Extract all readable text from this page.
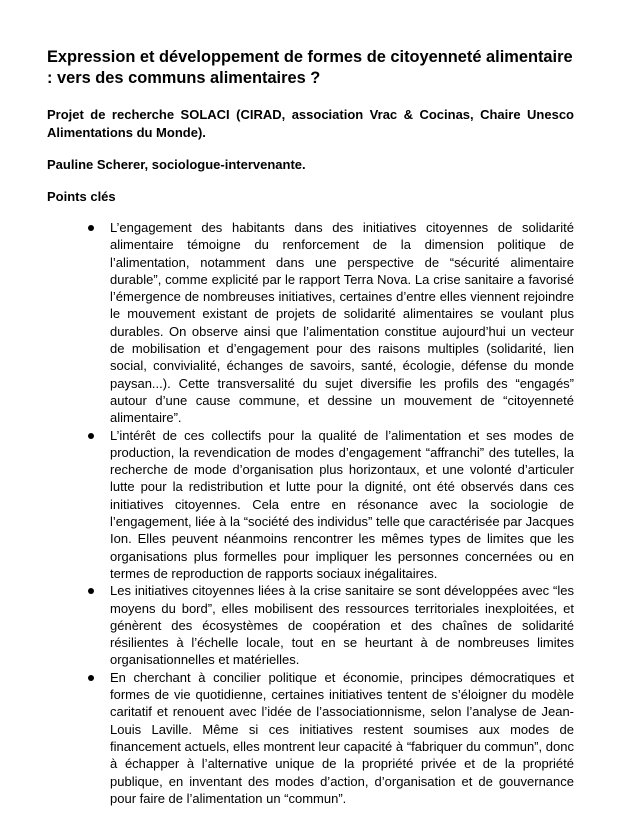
Expression et développement de formes de citoyenneté alimentaire : vers des communs alimentaires ?

Projet de recherche SOLACI (CIRAD, association Vrac & Cocinas, Chaire Unesco Alimentations du Monde).

Pauline Scherer, sociologue-intervenante.

Points clés

L’engagement des habitants dans des initiatives citoyennes de solidarité alimentaire témoigne du renforcement de la dimension politique de l’alimentation, notamment dans une perspective de “sécurité alimentaire durable”, comme explicité par le rapport Terra Nova. La crise sanitaire a favorisé l’émergence de nombreuses initiatives, certaines d’entre elles viennent rejoindre le mouvement existant de projets de solidarité alimentaires se voulant plus durables. On observe ainsi que l’alimentation constitue aujourd’hui un vecteur de mobilisation et d’engagement pour des raisons multiples (solidarité, lien social, convivialité, échanges de savoirs, santé, écologie, défense du monde paysan...). Cette transversalité du sujet diversifie les profils des “engagés” autour d’une cause commune, et dessine un mouvement de “citoyenneté alimentaire”.
L’intérêt de ces collectifs pour la qualité de l’alimentation et ses modes de production, la revendication de modes d’engagement “affranchi” des tutelles, la recherche de mode d’organisation plus horizontaux, et une volonté d’articuler lutte pour la redistribution et lutte pour la dignité, ont été observés dans ces initiatives citoyennes. Cela entre en résonance avec la sociologie de l’engagement, liée à la “société des individus” telle que caractérisée par Jacques Ion. Elles peuvent néanmoins rencontrer les mêmes types de limites que les organisations plus formelles pour impliquer les personnes concernées ou en termes de reproduction de rapports sociaux inégalitaires.
Les initiatives citoyennes liées à la crise sanitaire se sont développées avec “les moyens du bord”, elles mobilisent des ressources territoriales inexploitées, et génèrent des écosystèmes de coopération et des chaînes de solidarité résilientes à l’échelle locale, tout en se heurtant à de nombreuses limites organisationnelles et matérielles.
En cherchant à concilier politique et économie, principes démocratiques et formes de vie quotidienne, certaines initiatives tentent de s’éloigner du modèle caritatif et renouent avec l’idée de l’associationnisme, selon l’analyse de Jean-Louis Laville. Même si ces initiatives restent soumises aux modes de financement actuels, elles montrent leur capacité à “fabriquer du commun”, donc à échapper à l’alternative unique de la propriété privée et de la propriété publique, en inventant des modes d’action, d’organisation et de gouvernance pour faire de l’alimentation un “commun”.
